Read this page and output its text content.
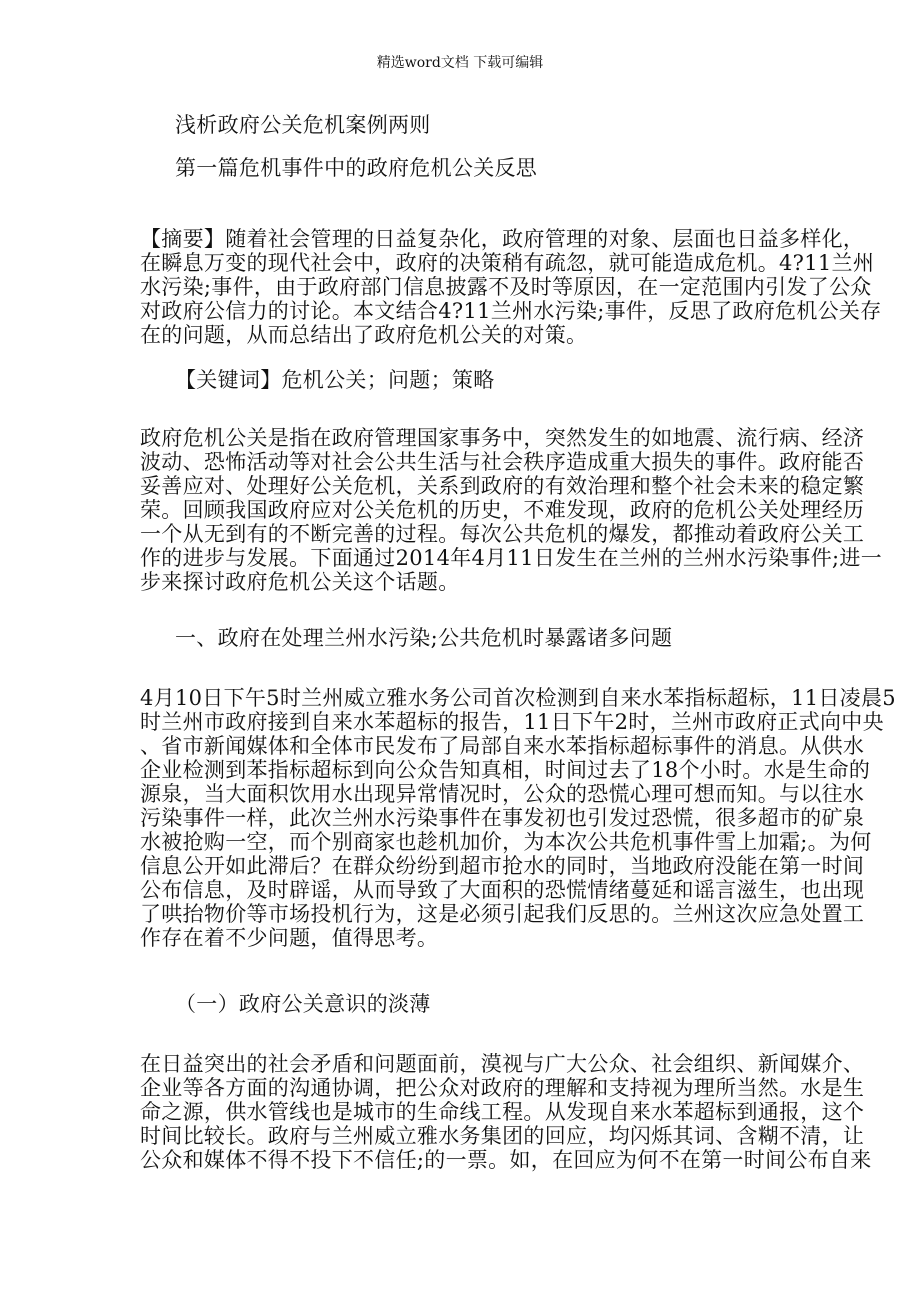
精选word文档 下载可编辑
浅析政府公关危机案例两则
第一篇危机事件中的政府危机公关反思
【摘要】随着社会管理的日益复杂化，政府管理的对象、层面也日益多样化，
在瞬息万变的现代社会中，政府的决策稍有疏忽，就可能造成危机。4?11兰州
水污染;事件，由于政府部门信息披露不及时等原因，在一定范围内引发了公众
对政府公信力的讨论。本文结合4?11兰州水污染;事件，反思了政府危机公关存
在的问题，从而总结出了政府危机公关的对策。
【关键词】危机公关；问题；策略
政府危机公关是指在政府管理国家事务中，突然发生的如地震、流行病、经济
波动、恐怖活动等对社会公共生活与社会秩序造成重大损失的事件。政府能否
妥善应对、处理好公关危机，关系到政府的有效治理和整个社会未来的稳定繁
荣。回顾我国政府应对公关危机的历史，不难发现，政府的危机公关处理经历
一个从无到有的不断完善的过程。每次公共危机的爆发，都推动着政府公关工
作的进步与发展。下面通过2014年4月11日发生在兰州的兰州水污染事件;进一
步来探讨政府危机公关这个话题。
一、政府在处理兰州水污染;公共危机时暴露诸多问题
4月10日下午5时兰州威立雅水务公司首次检测到自来水苯指标超标，11日凌晨5
时兰州市政府接到自来水苯超标的报告，11日下午2时，兰州市政府正式向中央
、省市新闻媒体和全体市民发布了局部自来水苯指标超标事件的消息。从供水
企业检测到苯指标超标到向公众告知真相，时间过去了18个小时。水是生命的
源泉，当大面积饮用水出现异常情况时，公众的恐慌心理可想而知。与以往水
污染事件一样，此次兰州水污染事件在事发初也引发过恐慌，很多超市的矿泉
水被抢购一空，而个别商家也趁机加价，为本次公共危机事件雪上加霜;。为何
信息公开如此滞后？在群众纷纷到超市抢水的同时，当地政府没能在第一时间
公布信息，及时辟谣，从而导致了大面积的恐慌情绪蔓延和谣言滋生，也出现
了哄抬物价等市场投机行为，这是必须引起我们反思的。兰州这次应急处置工
作存在着不少问题，值得思考。
（一）政府公关意识的淡薄
在日益突出的社会矛盾和问题面前，漠视与广大公众、社会组织、新闻媒介、
企业等各方面的沟通协调，把公众对政府的理解和支持视为理所当然。水是生
命之源，供水管线也是城市的生命线工程。从发现自来水苯超标到通报，这个
时间比较长。政府与兰州威立雅水务集团的回应，均闪烁其词、含糊不清，让
公众和媒体不得不投下不信任;的一票。如，在回应为何不在第一时间公布自来
